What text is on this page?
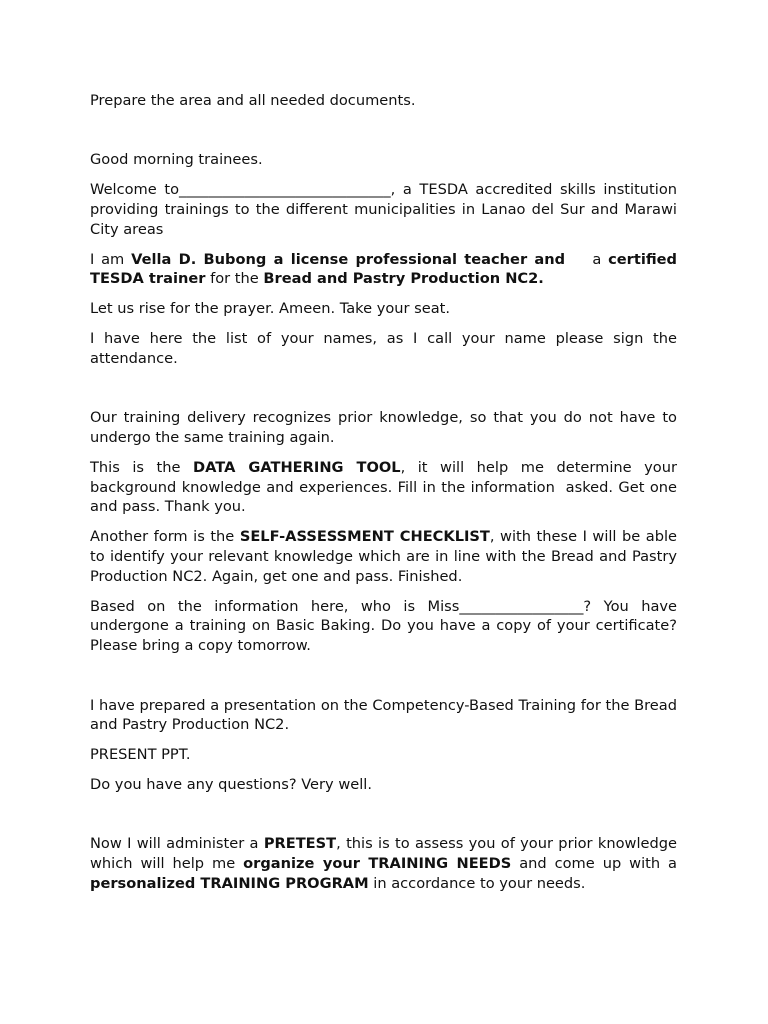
Prepare the area and all needed documents.

Good morning trainees.

Welcome to_____________________________, a TESDA accredited skills institution providing trainings to the different municipalities in Lanao del Sur and Marawi City areas

I am Vella D. Bubong a license professional teacher and    a certified TESDA trainer for the Bread and Pastry Production NC2.

Let us rise for the prayer. Ameen. Take your seat.

I have here the list of your names, as I call your name please sign the attendance.

Our training delivery recognizes prior knowledge, so that you do not have to undergo the same training again.

This is the DATA GATHERING TOOL, it will help me determine your background knowledge and experiences. Fill in the information  asked. Get one and pass. Thank you.

Another form is the SELF-ASSESSMENT CHECKLIST, with these I will be able to identify your relevant knowledge which are in line with the Bread and Pastry Production NC2. Again, get one and pass. Finished.

Based on the information here, who is Miss_________________? You have undergone a training on Basic Baking. Do you have a copy of your certificate? Please bring a copy tomorrow.

I have prepared a presentation on the Competency-Based Training for the Bread and Pastry Production NC2.

PRESENT PPT.

Do you have any questions? Very well.

Now I will administer a PRETEST, this is to assess you of your prior knowledge which will help me organize your TRAINING NEEDS and come up with a personalized TRAINING PROGRAM in accordance to your needs.
